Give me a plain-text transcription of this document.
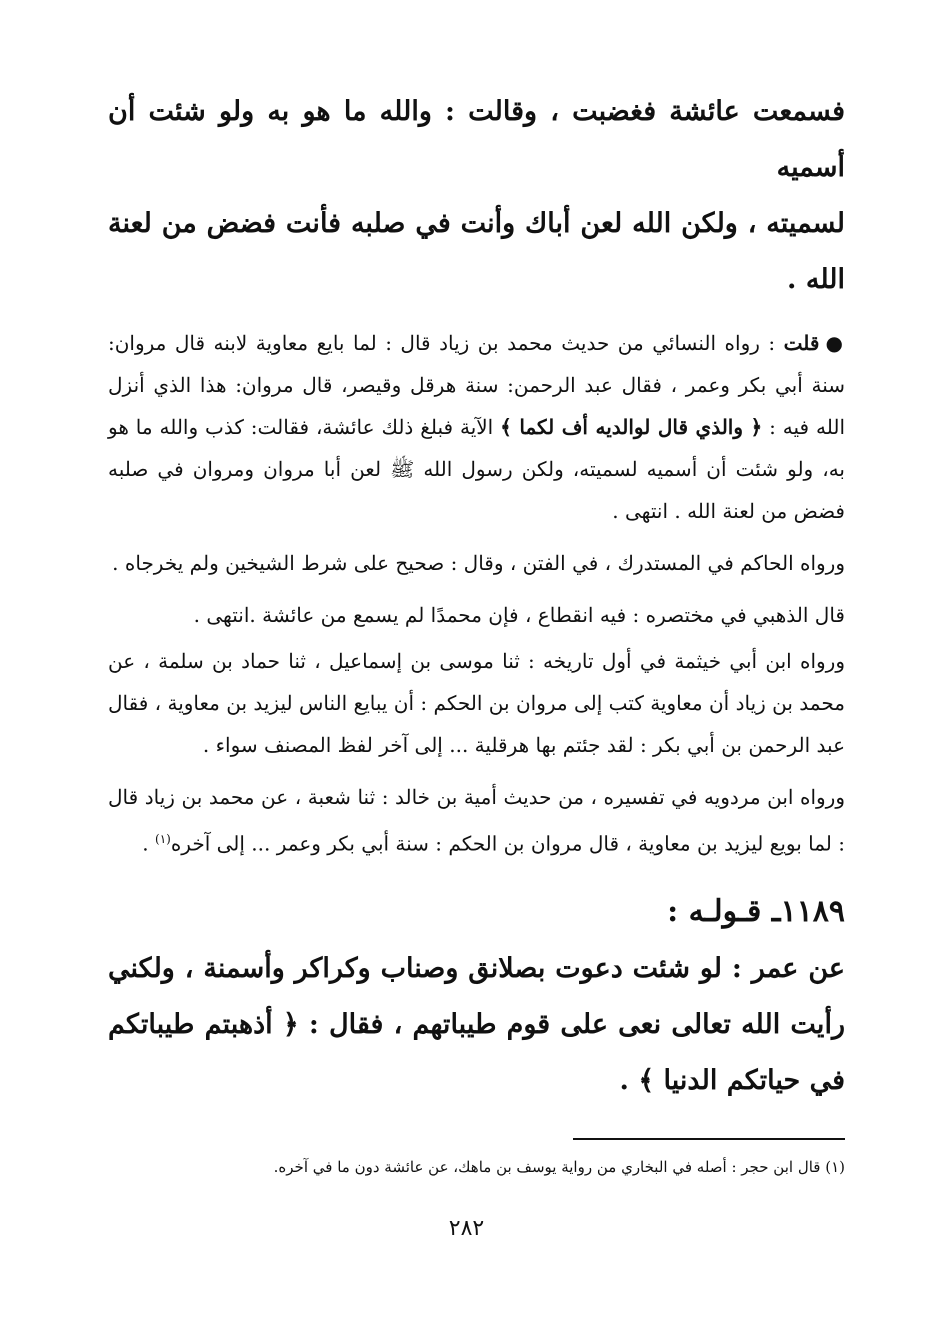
فسمعت عائشة فغضبت ، وقالت : والله ما هو به ولو شئت أن أسميه

لسميته ، ولكن الله لعن أباك وأنت في صلبه فأنت فضض من لعنة الله .

●قلت : رواه النسائي من حديث محمد بن زياد قال : لما بايع معاوية لابنه قال مروان: سنة أبي بكر وعمر ، فقال عبد الرحمن: سنة هرقل وقيصر، قال مروان: هذا الذي أنزل الله فيه : ﴿ والذي قال لوالديه أف لكما ﴾ الآية فبلغ ذلك عائشة، فقالت: كذب والله ما هو به، ولو شئت أن أسميه لسميته، ولكن رسول الله ﷺ لعن أبا مروان ومروان في صلبه فضض من لعنة الله . انتهى .

ورواه الحاكم في المستدرك ، في الفتن ، وقال : صحيح على شرط الشيخين ولم يخرجاه .

قال الذهبي في مختصره : فيه انقطاع ، فإن محمدًا لم يسمع من عائشة .انتهى .

ورواه ابن أبي خيثمة في أول تاريخه : ثنا موسى بن إسماعيل ، ثنا حماد بن سلمة ، عن محمد بن زياد أن معاوية كتب إلى مروان بن الحكم : أن يبايع الناس ليزيد بن معاوية ، فقال عبد الرحمن بن أبي بكر : لقد جئتم بها هرقلية ... إلى آخر لفظ المصنف سواء .

ورواه ابن مردويه في تفسيره ، من حديث أمية بن خالد : ثنا شعبة ، عن محمد بن زياد قال : لما بويع ليزيد بن معاوية ، قال مروان بن الحكم : سنة أبي بكر وعمر ... إلى آخره$^{(١)}$ .

١١٨٩ـ قـولـه :

عن عمر : لو شئت دعوت بصلانق وصناب وكراكر وأسمنة ، ولكني رأيت الله تعالى نعى على قوم طيباتهم ، فقال : ﴿ أذهبتم طيباتكم في حياتكم الدنيا ﴾ .

(١) قال ابن حجر : أصله في البخاري من رواية يوسف بن ماهك، عن عائشة دون ما في آخره.
٢٨٢
